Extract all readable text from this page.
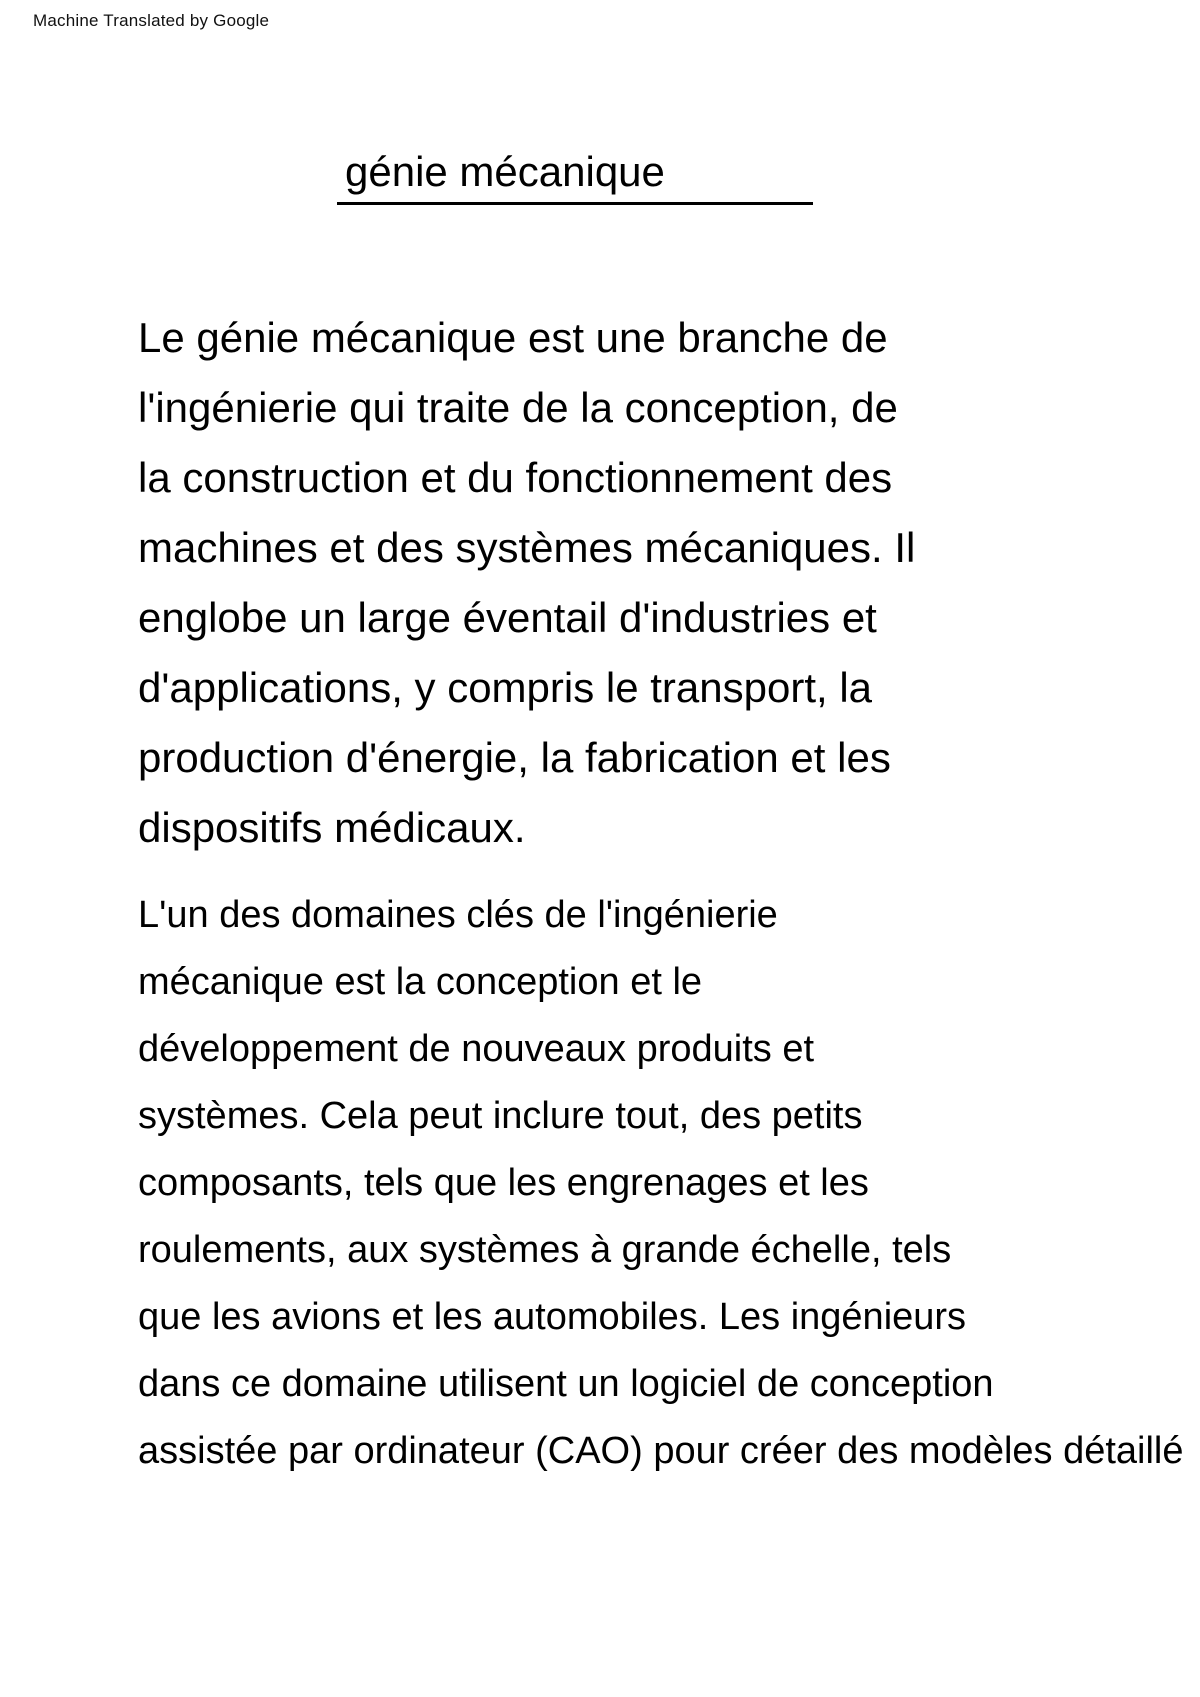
Machine Translated by Google
génie mécanique
Le génie mécanique est une branche de
l'ingénierie qui traite de la conception, de
la construction et du fonctionnement des
machines et des systèmes mécaniques. Il
englobe un large éventail d'industries et
d'applications, y compris le transport, la
production d'énergie, la fabrication et les
dispositifs médicaux.
L'un des domaines clés de l'ingénierie
mécanique est la conception et le
développement de nouveaux produits et
systèmes. Cela peut inclure tout, des petits
composants, tels que les engrenages et les
roulements, aux systèmes à grande échelle, tels
que les avions et les automobiles. Les ingénieurs
dans ce domaine utilisent un logiciel de conception
assistée par ordinateur (CAO) pour créer des modèles détaillé
